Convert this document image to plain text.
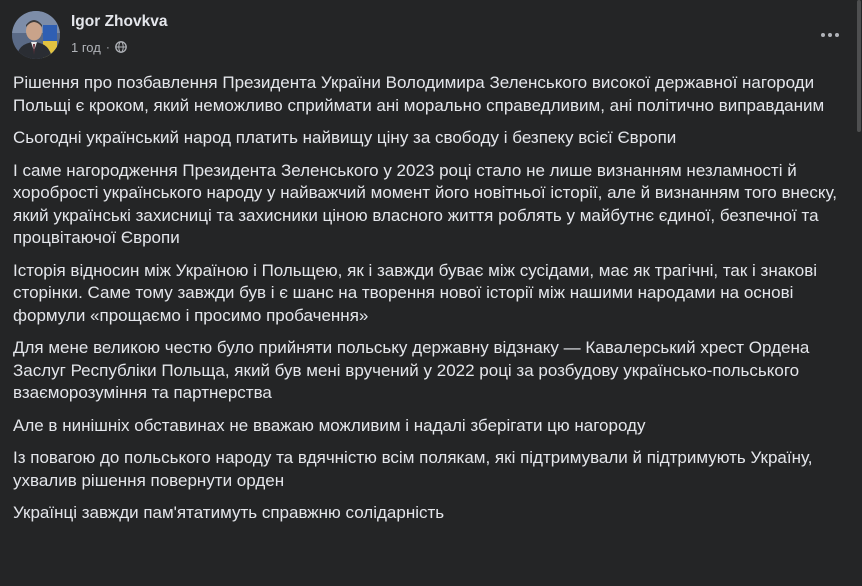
Igor Zhovkva
1 год ·

Рішення про позбавлення Президента України Володимира Зеленського високої державної нагороди Польщі є кроком, який неможливо сприймати ані морально справедливим, ані політично виправданим

Сьогодні український народ платить найвищу ціну за свободу і безпеку всієї Європи

І саме нагородження Президента Зеленського у 2023 році стало не лише визнанням незламності й хоробрості українського народу у найважчий момент його новітньої історії, але й визнанням того внеску, який українські захисниці та захисники ціною власного життя роблять у майбутнє єдиної, безпечної та процвітаючої Європи

Історія відносин між Україною і Польщею, як і завжди буває між сусідами, має як трагічні, так і знакові сторінки. Саме тому завжди був і є шанс на творення нової історії між нашими народами на основі формули «прощаємо і просимо пробачення»

Для мене великою честю було прийняти польську державну відзнаку — Кавалерський хрест Ордена Заслуг Республіки Польща, який був мені вручений у 2022 році за розбудову українсько-польського взаєморозуміння та партнерства

Але в нинішніх обставинах не вважаю можливим і надалі зберігати цю нагороду

Із повагою до польського народу та вдячністю всім полякам, які підтримували й підтримують Україну, ухвалив рішення повернути орден

Українці завжди пам'ятатимуть справжню солідарність
